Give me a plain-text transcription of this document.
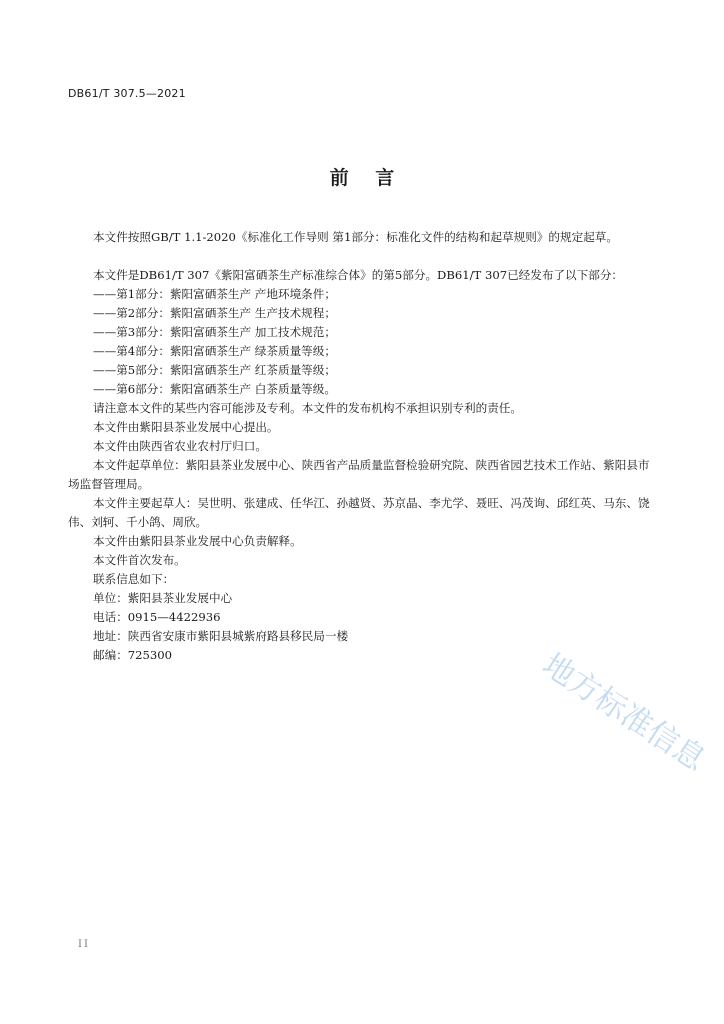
DB61/T 307.5—2021
前    言

本文件按照GB/T 1.1-2020《标准化工作导则 第1部分：标准化文件的结构和起草规则》的规定起草。

本文件是DB61/T 307《紫阳富硒茶生产标准综合体》的第5部分。DB61/T 307已经发布了以下部分：

——第1部分：紫阳富硒茶生产 产地环境条件；
——第2部分：紫阳富硒茶生产 生产技术规程；
——第3部分：紫阳富硒茶生产 加工技术规范；
——第4部分：紫阳富硒茶生产 绿茶质量等级；
——第5部分：紫阳富硒茶生产 红茶质量等级；
——第6部分：紫阳富硒茶生产 白茶质量等级。

请注意本文件的某些内容可能涉及专利。本文件的发布机构不承担识别专利的责任。

本文件由紫阳县茶业发展中心提出。

本文件由陕西省农业农村厅归口。

本文件起草单位：紫阳县茶业发展中心、陕西省产品质量监督检验研究院、陕西省园艺技术工作站、紫阳县市场监督管理局。

本文件主要起草人：吴世明、张建成、任华江、孙越贤、苏京晶、李尤学、聂旺、冯茂询、邱红英、马东、饶伟、刘轲、千小鸽、周欣。

本文件由紫阳县茶业发展中心负责解释。

本文件首次发布。

联系信息如下：
单位：紫阳县茶业发展中心
电话：0915—4422936
地址：陕西省安康市紫阳县城紫府路县移民局一楼
邮编：725300	地方标准信息
II
